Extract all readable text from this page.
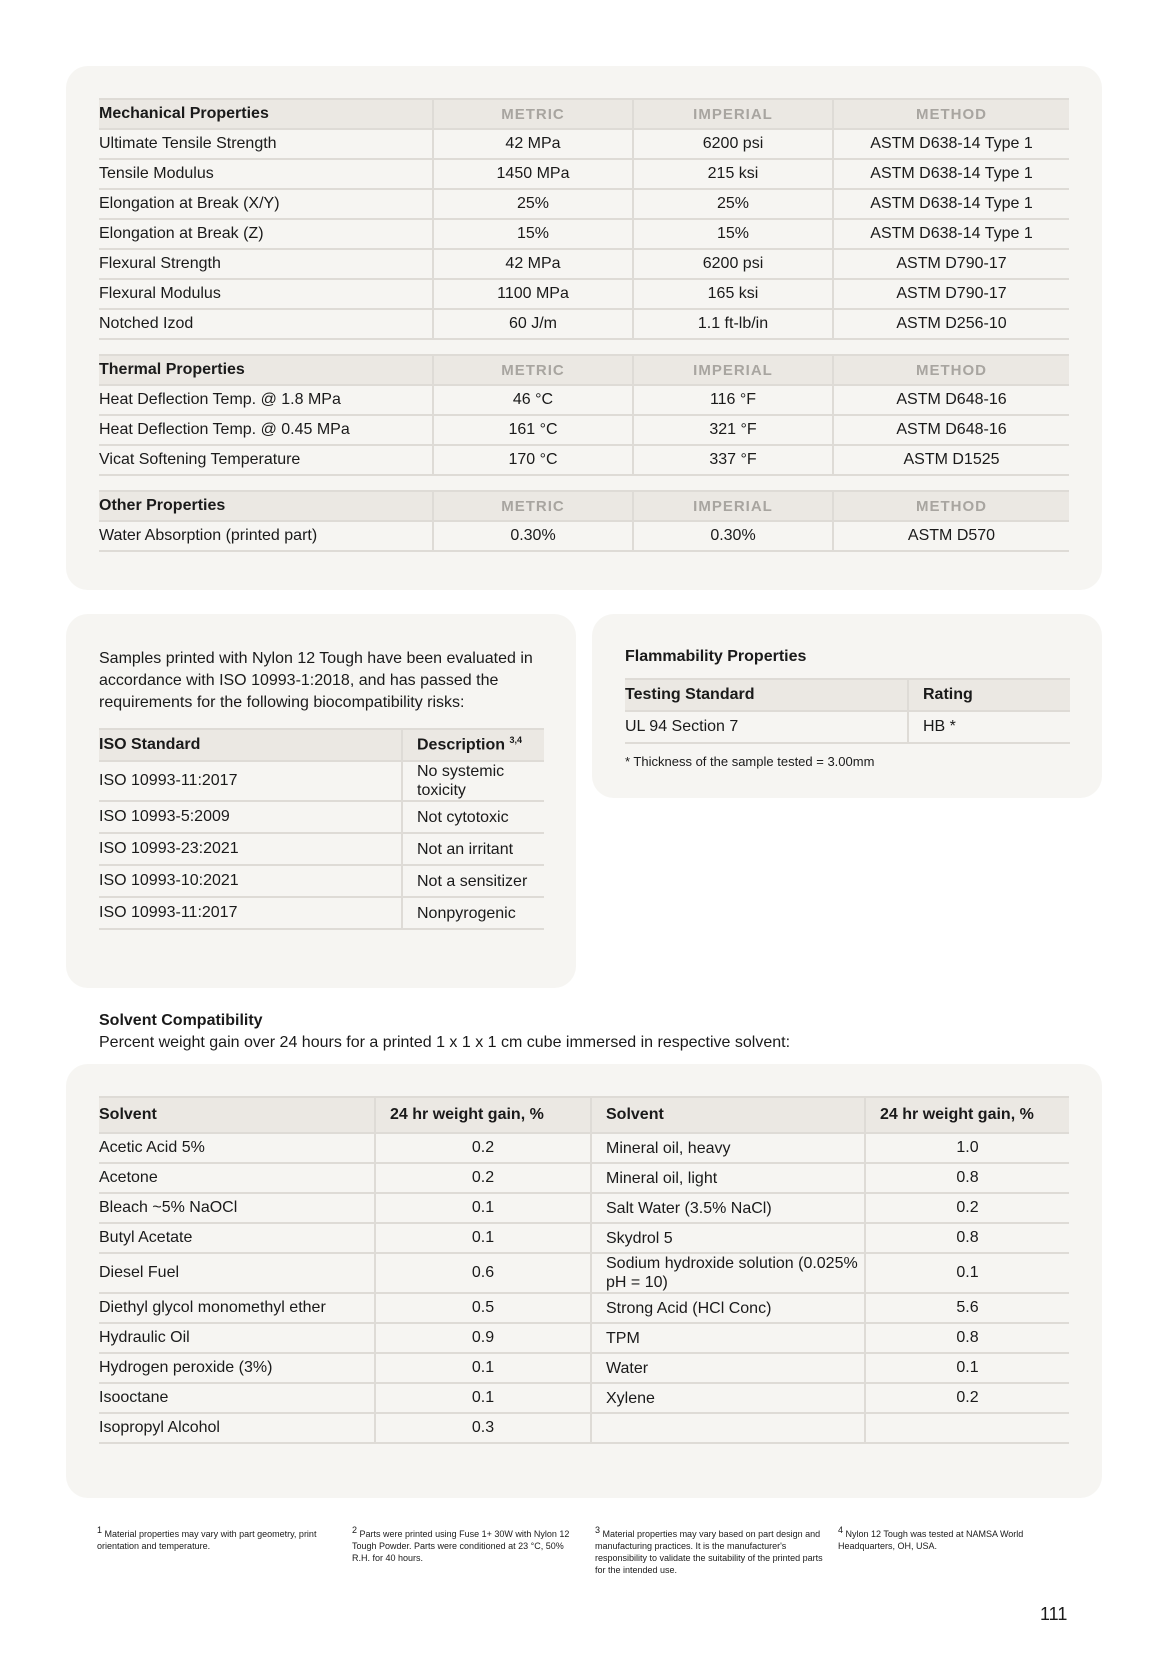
Mechanical Properties	METRIC	IMPERIAL	METHOD
Ultimate Tensile Strength	42 MPa	6200 psi	ASTM D638-14 Type 1
Tensile Modulus	1450 MPa	215 ksi	ASTM D638-14 Type 1
Elongation at Break (X/Y)	25%	25%	ASTM D638-14 Type 1
Elongation at Break (Z)	15%	15%	ASTM D638-14 Type 1
Flexural Strength	42 MPa	6200 psi	ASTM D790-17
Flexural Modulus	1100 MPa	165 ksi	ASTM D790-17
Notched Izod	60 J/m	1.1 ft-lb/in	ASTM D256-10

Thermal Properties	METRIC	IMPERIAL	METHOD
Heat Deflection Temp. @ 1.8 MPa	46 °C	116 °F	ASTM D648-16
Heat Deflection Temp. @ 0.45 MPa	161 °C	321 °F	ASTM D648-16
Vicat Softening Temperature	170 °C	337 °F	ASTM D1525

Other Properties	METRIC	IMPERIAL	METHOD
Water Absorption (printed part)	0.30%	0.30%	ASTM D570

Samples printed with Nylon 12 Tough have been evaluated in accordance with ISO 10993-1:2018, and has passed the requirements for the following biocompatibility risks:

ISO Standard	Description $^{3,4}$
ISO 10993-11:2017	No systemic toxicity
ISO 10993-5:2009	Not cytotoxic
ISO 10993-23:2021	Not an irritant
ISO 10993-10:2021	Not a sensitizer
ISO 10993-11:2017	Nonpyrogenic
Flammability Properties
Testing Standard	Rating
UL 94 Section 7	HB *
* Thickness of the sample tested = 3.00mm
Solvent Compatibility
Percent weight gain over 24 hours for a printed 1 x 1 x 1 cm cube immersed in respective solvent:
Solvent	24 hr weight gain, %	Solvent	24 hr weight gain, %
Acetic Acid 5%	0.2	Mineral oil, heavy	1.0
Acetone	0.2	Mineral oil, light	0.8
Bleach ~5% NaOCl	0.1	Salt Water (3.5% NaCl)	0.2
Butyl Acetate	0.1	Skydrol 5	0.8
Diesel Fuel	0.6	Sodium hydroxide solution (0.025% pH = 10)	0.1
Diethyl glycol monomethyl ether	0.5	Strong Acid (HCl Conc)	5.6
Hydraulic Oil	0.9	TPM	0.8
Hydrogen peroxide (3%)	0.1	Water	0.1
Isooctane	0.1	Xylene	0.2
Isopropyl Alcohol	0.3		
$^1$ Material properties may vary with part geometry, print orientation and temperature.
$^2$ Parts were printed using Fuse 1+ 30W with Nylon 12 Tough Powder. Parts were conditioned at 23 °C, 50% R.H. for 40 hours.
$^3$ Material properties may vary based on part design and manufacturing practices. It is the manufacturer's responsibility to validate the suitability of the printed parts for the intended use.
$^4$ Nylon 12 Tough was tested at NAMSA World Headquarters, OH, USA.
111
